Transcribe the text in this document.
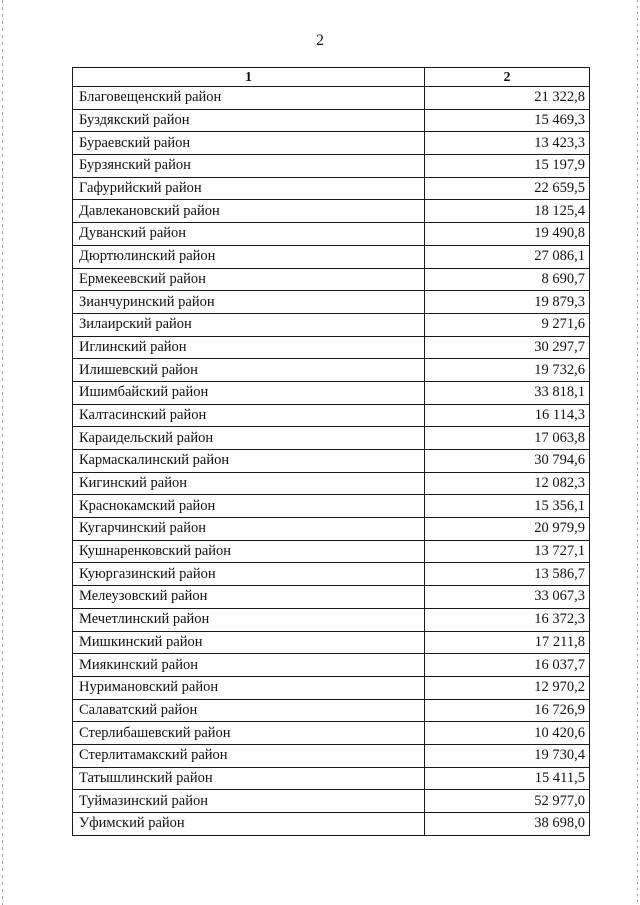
2
1	2
Благовещенский район	21 322,8
Буздякский район	15 469,3
Бураевский район	13 423,3
Бурзянский район	15 197,9
Гафурийский район	22 659,5
Давлекановский район	18 125,4
Дуванский район	19 490,8
Дюртюлинский район	27 086,1
Ермекеевский район	8 690,7
Зианчуринский район	19 879,3
Зилаирский район	9 271,6
Иглинский район	30 297,7
Илишевский район	19 732,6
Ишимбайский район	33 818,1
Калтасинский район	16 114,3
Караидельский район	17 063,8
Кармаскалинский район	30 794,6
Кигинский район	12 082,3
Краснокамский район	15 356,1
Кугарчинский район	20 979,9
Кушнаренковский район	13 727,1
Куюргазинский район	13 586,7
Мелеузовский район	33 067,3
Мечетлинский район	16 372,3
Мишкинский район	17 211,8
Миякинский район	16 037,7
Нуримановский район	12 970,2
Салаватский район	16 726,9
Стерлибашевский район	10 420,6
Стерлитамакский район	19 730,4
Татышлинский район	15 411,5
Туймазинский район	52 977,0
Уфимский район	38 698,0
